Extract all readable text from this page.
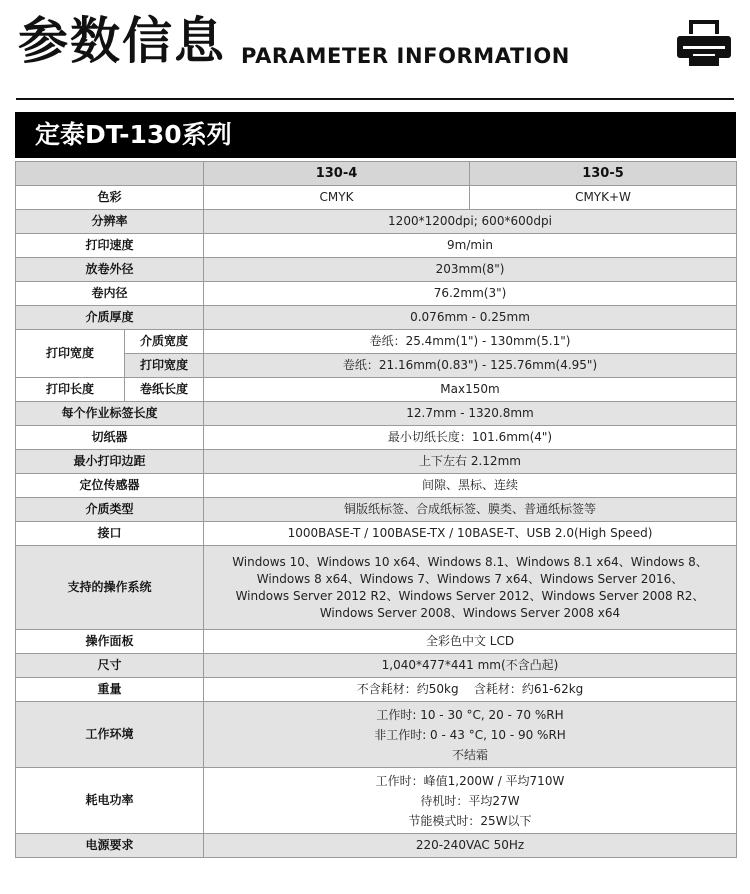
参数信息 PARAMETER INFORMATION
定泰DT-130系列
		130-4	130-5
色彩		CMYK	CMYK+W
分辨率		1200*1200dpi; 600*600dpi	
打印速度		9m/min	
放卷外径		203mm(8")	
卷内径		76.2mm(3")	
介质厚度		0.076mm - 0.25mm	
打印宽度	介质宽度	卷纸：25.4mm(1") - 130mm(5.1")	
	打印宽度	卷纸：21.16mm(0.83") - 125.76mm(4.95")	
打印长度	卷纸长度	Max150m	
每个作业标签长度		12.7mm - 1320.8mm	
切纸器		最小切纸长度：101.6mm(4")	
最小打印边距		上下左右 2.12mm	
定位传感器		间隙、黑标、连续	
介质类型		铜版纸标签、合成纸标签、膜类、普通纸标签等	
接口		1000BASE-T / 100BASE-TX / 10BASE-T、USB 2.0(High Speed)	
支持的操作系统		Windows 10、Windows 10 x64、Windows 8.1、Windows 8.1 x64、Windows 8、
Windows 8 x64、Windows 7、Windows 7 x64、Windows Server 2016、
Windows Server 2012 R2、Windows Server 2012、Windows Server 2008 R2、
Windows Server 2008、Windows Server 2008 x64	

操作面板		全彩色中文 LCD	
尺寸		1,040*477*441 mm(不含凸起)	
重量		不含耗材：约50kg    含耗材：约61-62kg	
工作环境		工作时: 10 - 30 °C, 20 - 70 %RH
非工作时: 0 - 43 °C, 10 - 90 %RH
不结霜	

耗电功率		工作时：峰值1,200W / 平均710W
待机时：平均27W
节能模式时：25W以下	

电源要求		220-240VAC 50Hz	
